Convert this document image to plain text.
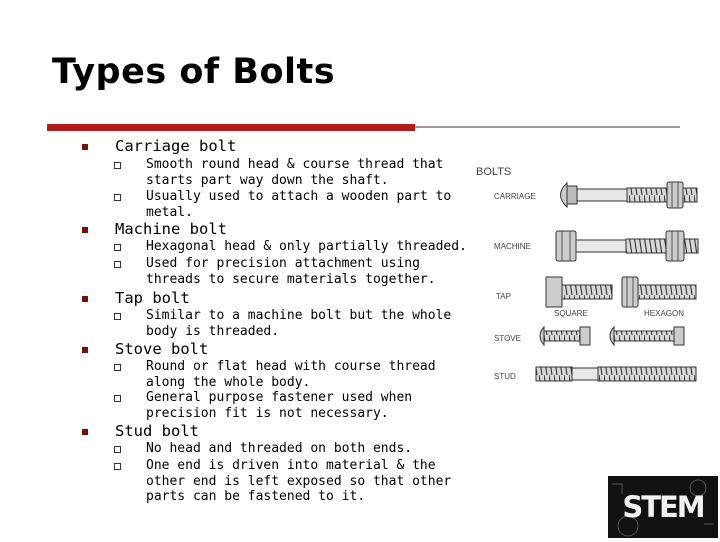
Types of Bolts
Carriage bolt
Smooth round head & course thread that starts part way down the shaft.
Usually used to attach a wooden part to metal.
Machine bolt
Hexagonal head & only partially threaded.
Used for precision attachment using threads to secure materials together.
Tap bolt
Similar to a machine bolt but the whole body is threaded.
Stove bolt
Round or flat head with course thread along the whole body.
General purpose fastener used when precision fit is not necessary.
Stud bolt
No head and threaded on both ends.
One end is driven into material & the other end is left exposed so that other parts can be fastened to it.
BOLTS
CARRIAGE
MACHINE
TAP
SQUARE	HEXAGON
STOVE
STUD
STEM
